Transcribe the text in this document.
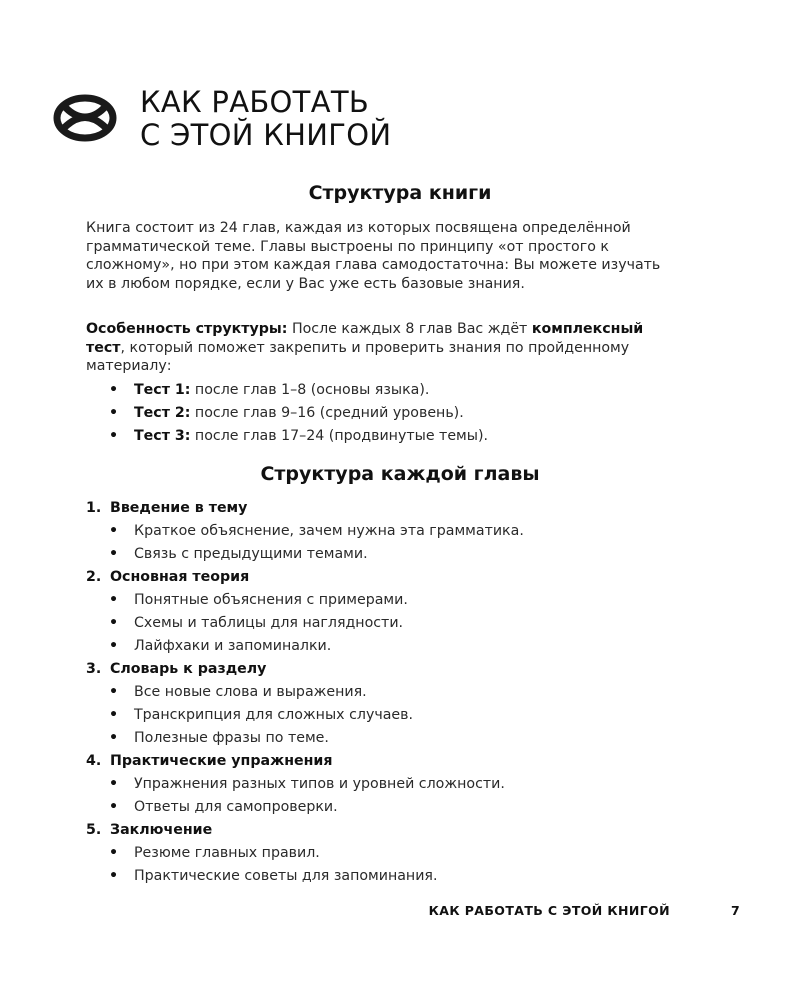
КАК РАБОТАТЬ
С ЭТОЙ КНИГОЙ
Структура книги

Книга состоит из 24 глав, каждая из которых посвящена определённой грамматической теме. Главы выстроены по принципу «от простого к сложному», но при этом каждая глава самодостаточна: Вы можете изучать их в любом порядке, если у Вас уже есть базовые знания.

Особенность структуры: После каждых 8 глав Вас ждёт комплексный тест, который поможет закрепить и проверить знания по пройденному материалу:

• Тест 1: после глав 1–8 (основы языка).
• Тест 2: после глав 9–16 (средний уровень).
• Тест 3: после глав 17–24 (продвинутые темы).
Структура каждой главы
1. Введение в тему
• Краткое объяснение, зачем нужна эта грамматика.
• Связь с предыдущими темами.
2. Основная теория
• Понятные объяснения с примерами.
• Схемы и таблицы для наглядности.
• Лайфхаки и запоминалки.
3. Словарь к разделу
• Все новые слова и выражения.
• Транскрипция для сложных случаев.
• Полезные фразы по теме.
4. Практические упражнения
• Упражнения разных типов и уровней сложности.
• Ответы для самопроверки.
5. Заключение
• Резюме главных правил.
• Практические советы для запоминания.
КАК РАБОТАТЬ С ЭТОЙ КНИГОЙ	7
